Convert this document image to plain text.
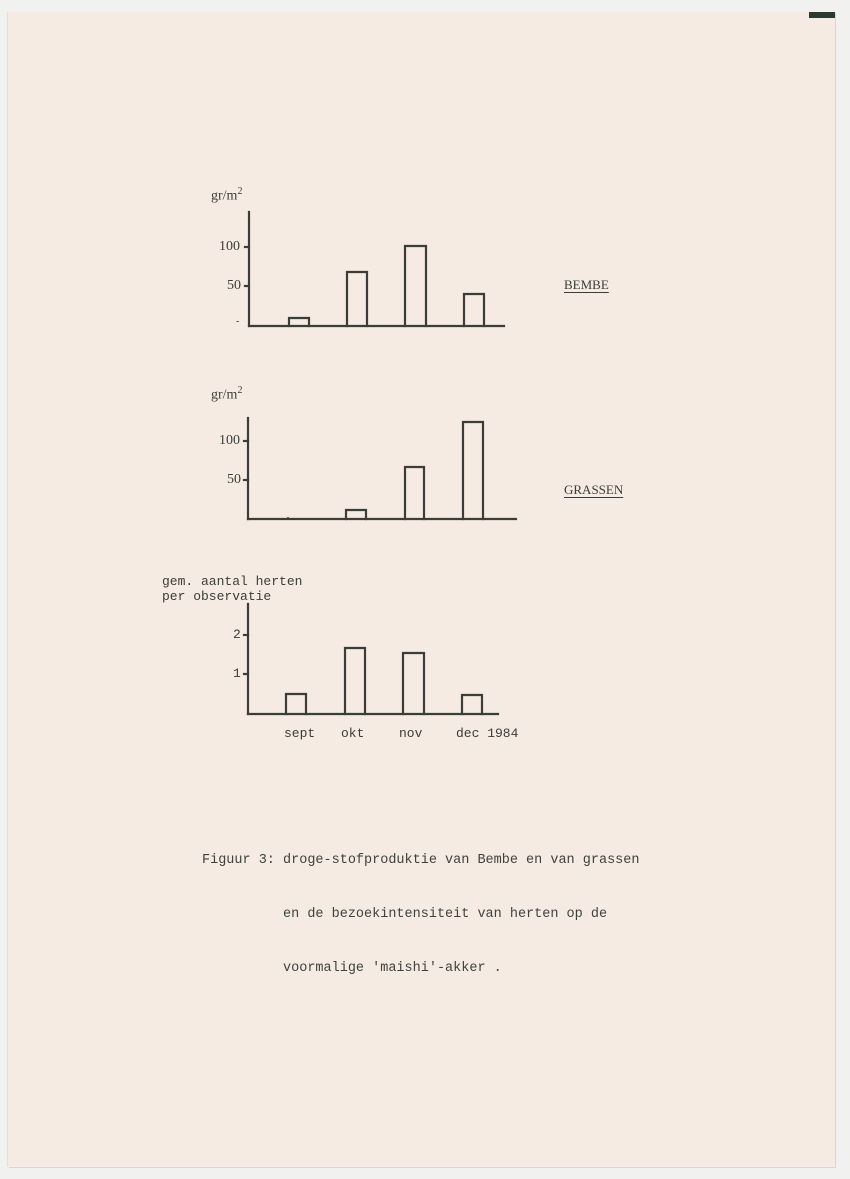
$gr/m^2$
100
50
-
BEMBE
$gr/m^2$
100
50
GRASSEN
gem. aantal herten
per observatie
2
1
sept okt	nov	dec 1984

Figuur 3: droge-stofproduktie van Bembe en van grassen

en de bezoekintensiteit van herten op de

voormalige 'maishi'-akker .
